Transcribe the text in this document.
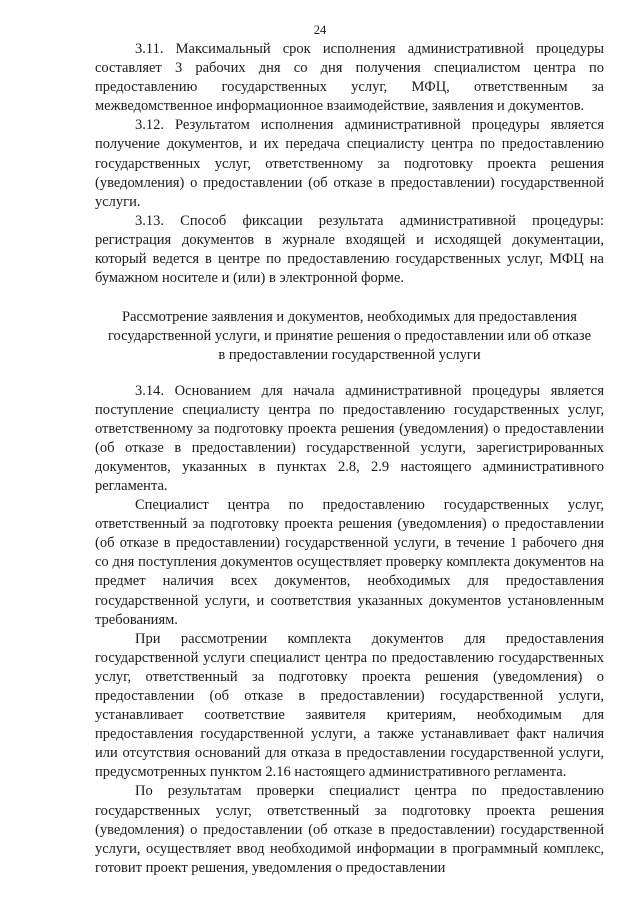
24

3.11. Максимальный срок исполнения административной процедуры составляет 3 рабочих дня со дня получения специалистом центра по предоставлению государственных услуг, МФЦ, ответственным за межведомственное информационное взаимодействие, заявления и документов.

3.12. Результатом исполнения административной процедуры является получение документов, и их передача специалисту центра по предоставлению государственных услуг, ответственному за подготовку проекта решения (уведомления) о предоставлении (об отказе в предоставлении) государственной услуги.

3.13. Способ фиксации результата административной процедуры: регистрация документов в журнале входящей и исходящей документации, который ведется в центре по предоставлению государственных услуг, МФЦ на бумажном носителе и (или) в электронной форме.

Рассмотрение заявления и документов, необходимых для предоставления
государственной услуги, и принятие решения о предоставлении или об отказе
в предоставлении государственной услуги

3.14. Основанием для начала административной процедуры является поступление специалисту центра по предоставлению государственных услуг, ответственному за подготовку проекта решения (уведомления) о предоставлении (об отказе в предоставлении) государственной услуги, зарегистрированных документов, указанных в пунктах 2.8, 2.9 настоящего административного регламента.

Специалист центра по предоставлению государственных услуг, ответственный за подготовку проекта решения (уведомления) о предоставлении (об отказе в предоставлении) государственной услуги, в течение 1 рабочего дня со дня поступления документов осуществляет проверку комплекта документов на предмет наличия всех документов, необходимых для предоставления государственной услуги, и соответствия указанных документов установленным требованиям.

При рассмотрении комплекта документов для предоставления государственной услуги специалист центра по предоставлению государственных услуг, ответственный за подготовку проекта решения (уведомления) о предоставлении (об отказе в предоставлении) государственной услуги, устанавливает соответствие заявителя критериям, необходимым для предоставления государственной услуги, а также устанавливает факт наличия или отсутствия оснований для отказа в предоставлении государственной услуги, предусмотренных пунктом 2.16 настоящего административного регламента.

По результатам проверки специалист центра по предоставлению государственных услуг, ответственный за подготовку проекта решения (уведомления) о предоставлении (об отказе в предоставлении) государственной услуги, осуществляет ввод необходимой информации в программный комплекс, готовит проект решения, уведомления о предоставлении
